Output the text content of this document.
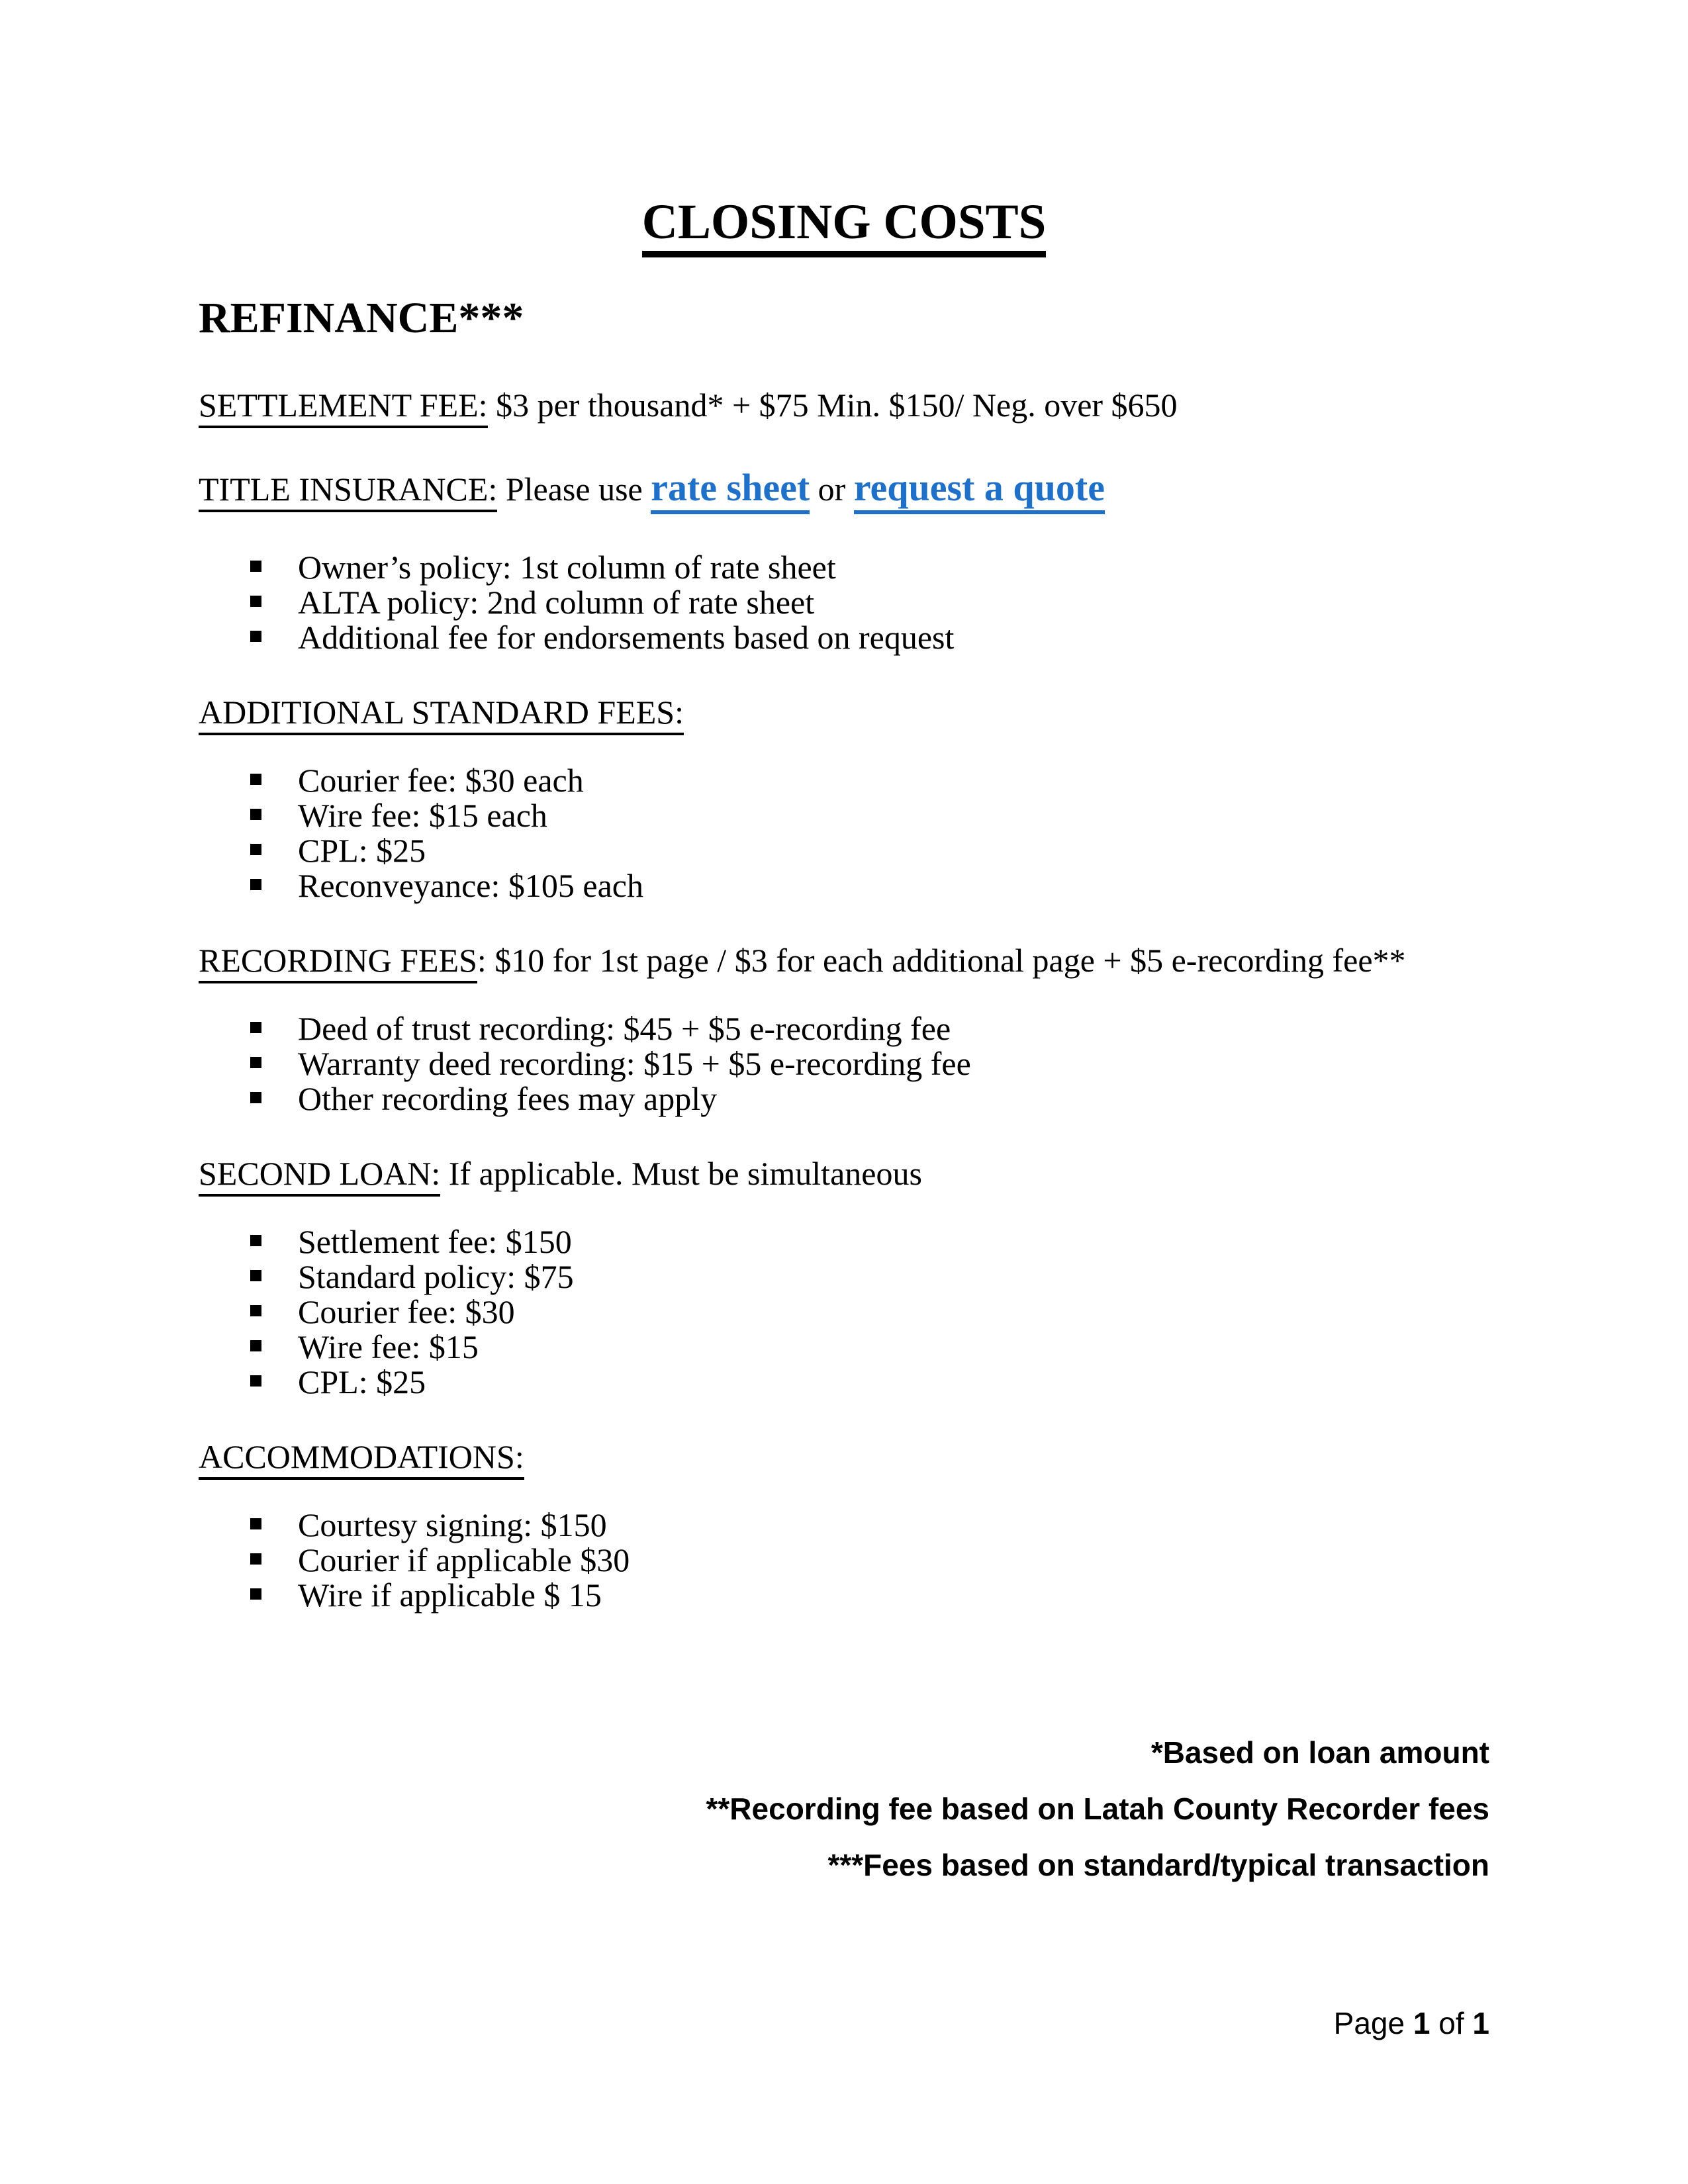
CLOSING COSTS
REFINANCE***

SETTLEMENT FEE: $3 per thousand* + $75 Min. $150/ Neg. over $650

TITLE INSURANCE: Please use rate sheet or request a quote

Owner’s policy: 1st column of rate sheet
ALTA policy: 2nd column of rate sheet
Additional fee for endorsements based on request

ADDITIONAL STANDARD FEES:

Courier fee: $30 each
Wire fee: $15 each
CPL: $25
Reconveyance: $105 each

RECORDING FEES: $10 for 1st page / $3 for each additional page + $5 e-recording fee**

Deed of trust recording: $45 + $5 e-recording fee
Warranty deed recording: $15 + $5 e-recording fee
Other recording fees may apply

SECOND LOAN: If applicable. Must be simultaneous

Settlement fee: $150
Standard policy: $75
Courier fee: $30
Wire fee: $15
CPL: $25

ACCOMMODATIONS:

Courtesy signing: $150
Courier if applicable $30
Wire if applicable $ 15
*Based on loan amount
**Recording fee based on Latah County Recorder fees
***Fees based on standard/typical transaction
Page 1 of 1
